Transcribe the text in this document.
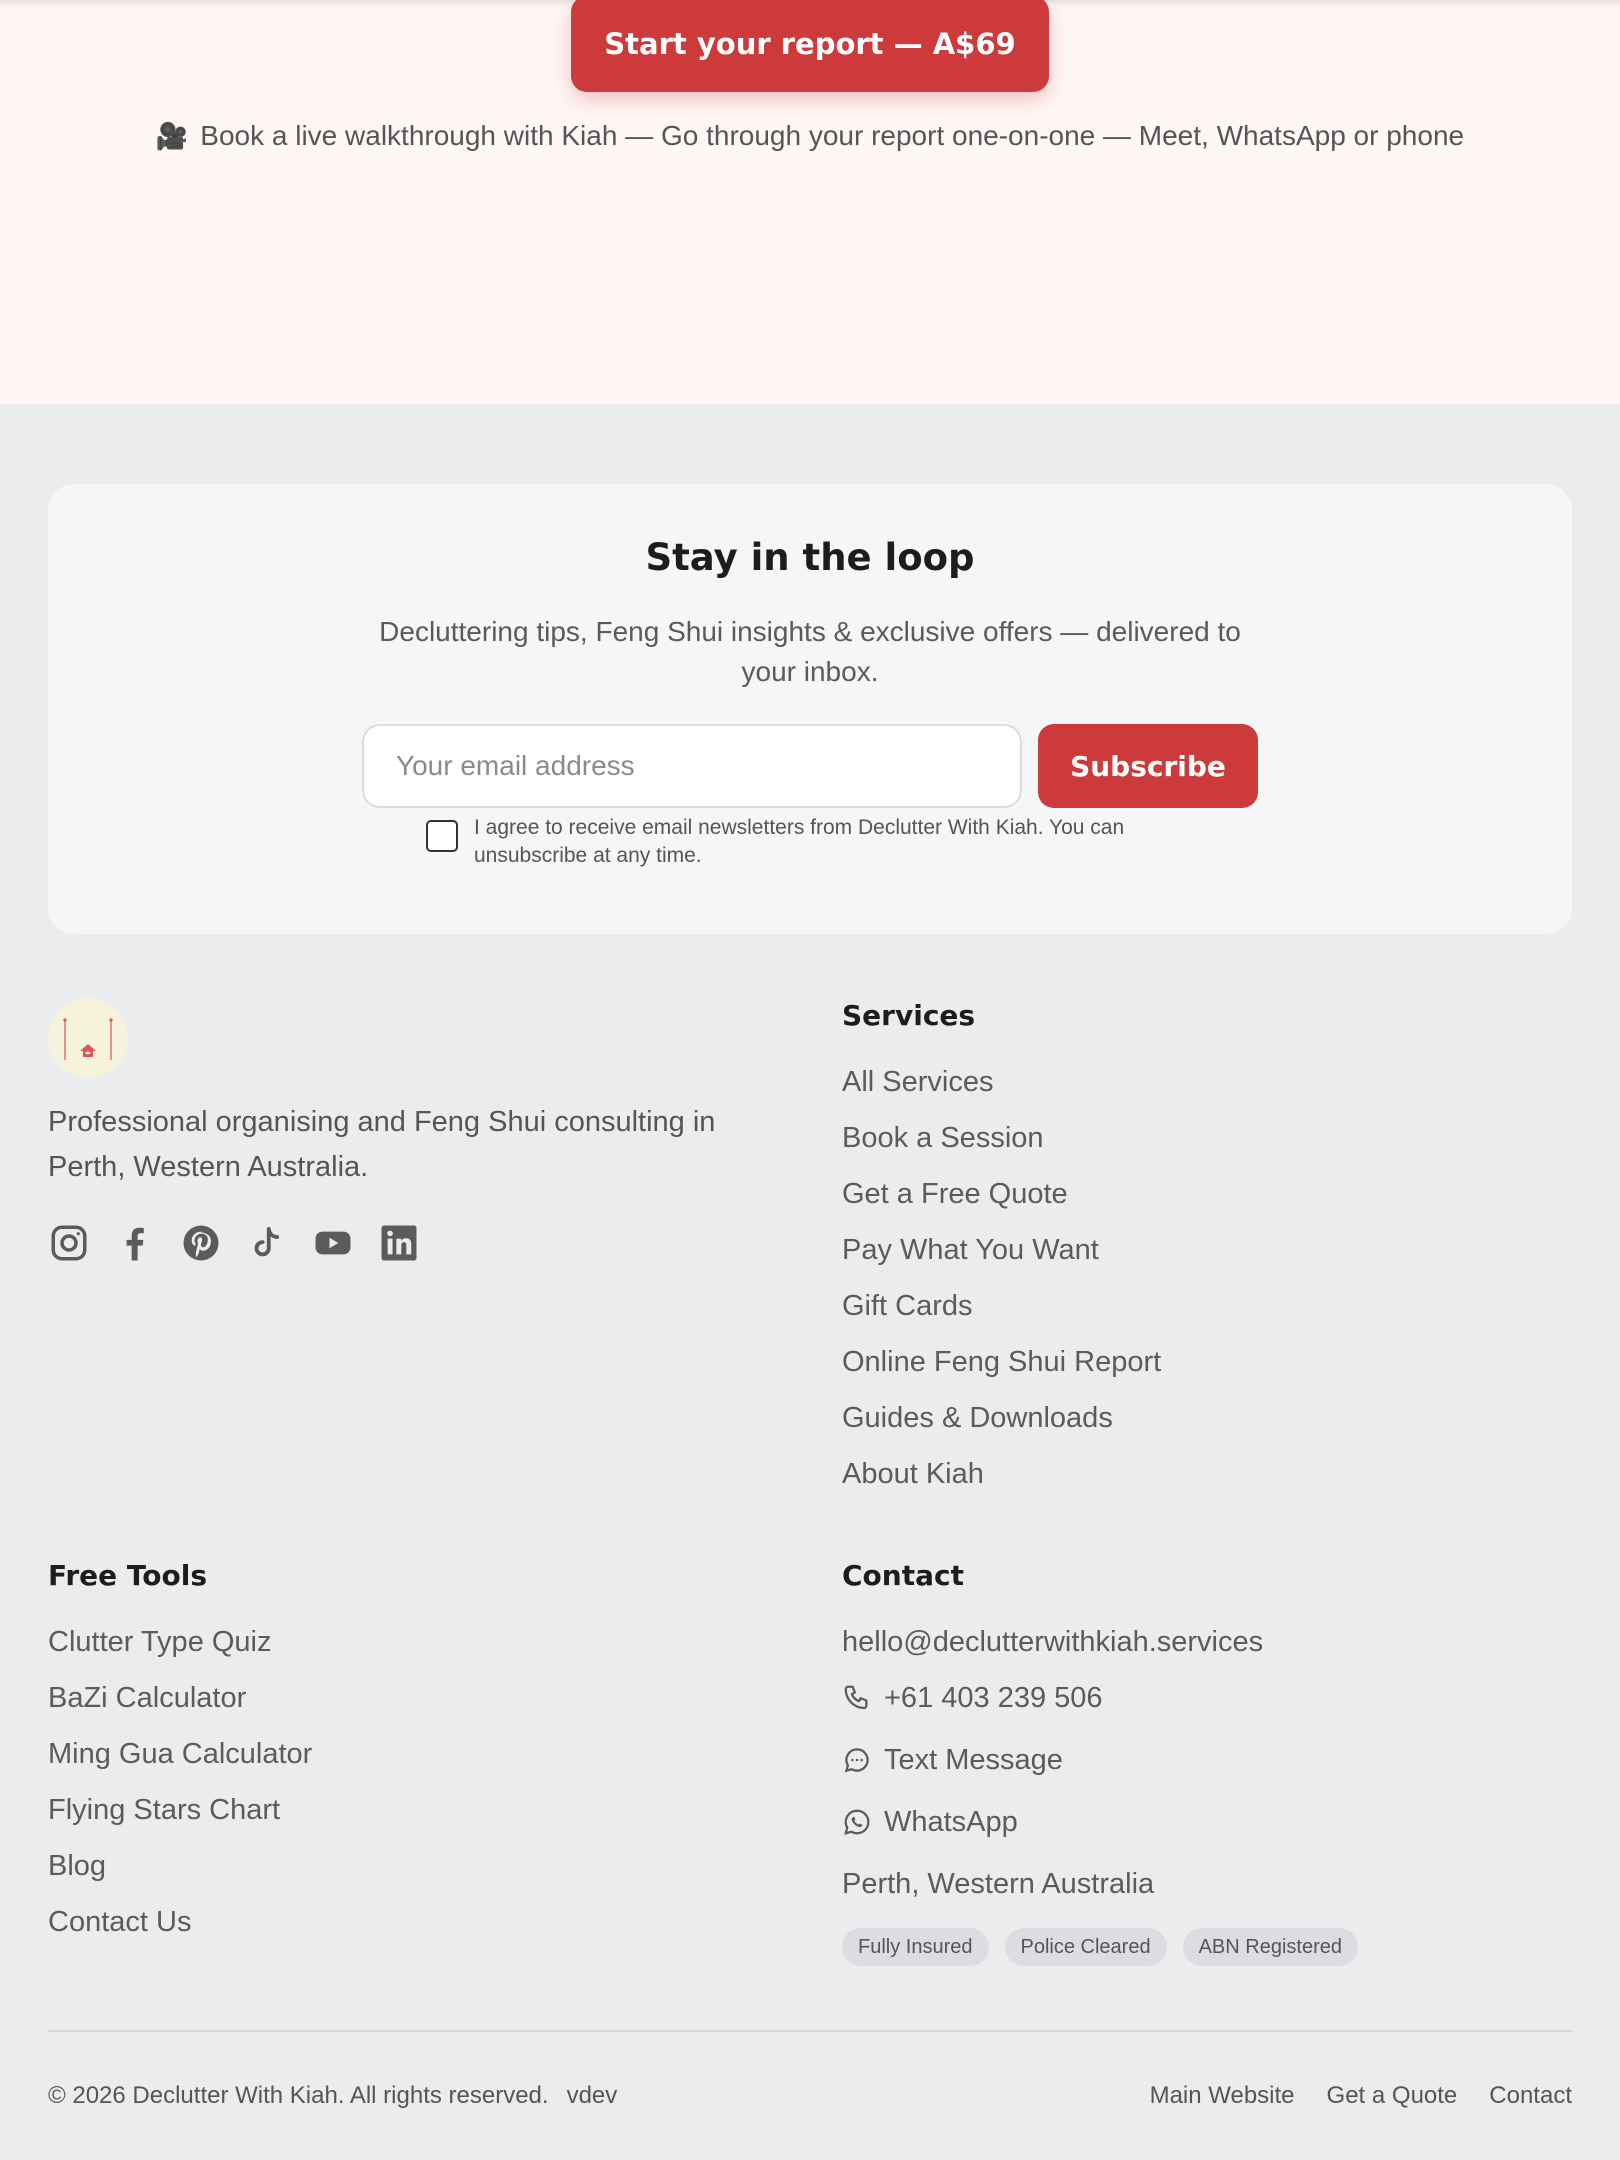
Start your report — A$69
🎥 Book a live walkthrough with Kiah — Go through your report one-on-one — Meet, WhatsApp or phone
Stay in the loop

Decluttering tips, Feng Shui insights & exclusive offers — delivered to your inbox.

Your email address
Subscribe

I agree to receive email newsletters from Declutter With Kiah. You can unsubscribe at any time.

Professional organising and Feng Shui consulting in Perth, Western Australia.

Services
All Services
Book a Session
Get a Free Quote
Pay What You Want
Gift Cards
Online Feng Shui Report
Guides & Downloads
About Kiah
Free Tools
Clutter Type Quiz
BaZi Calculator
Ming Gua Calculator
Flying Stars Chart
Blog
Contact Us
Contact
hello@declutterwithkiah.services
+61 403 239 506
Text Message
WhatsApp
Perth, Western Australia
Fully Insured	Police Cleared	ABN Registered
© 2026 Declutter With Kiah. All rights reserved. vdev	Main Website Get a Quote Contact
